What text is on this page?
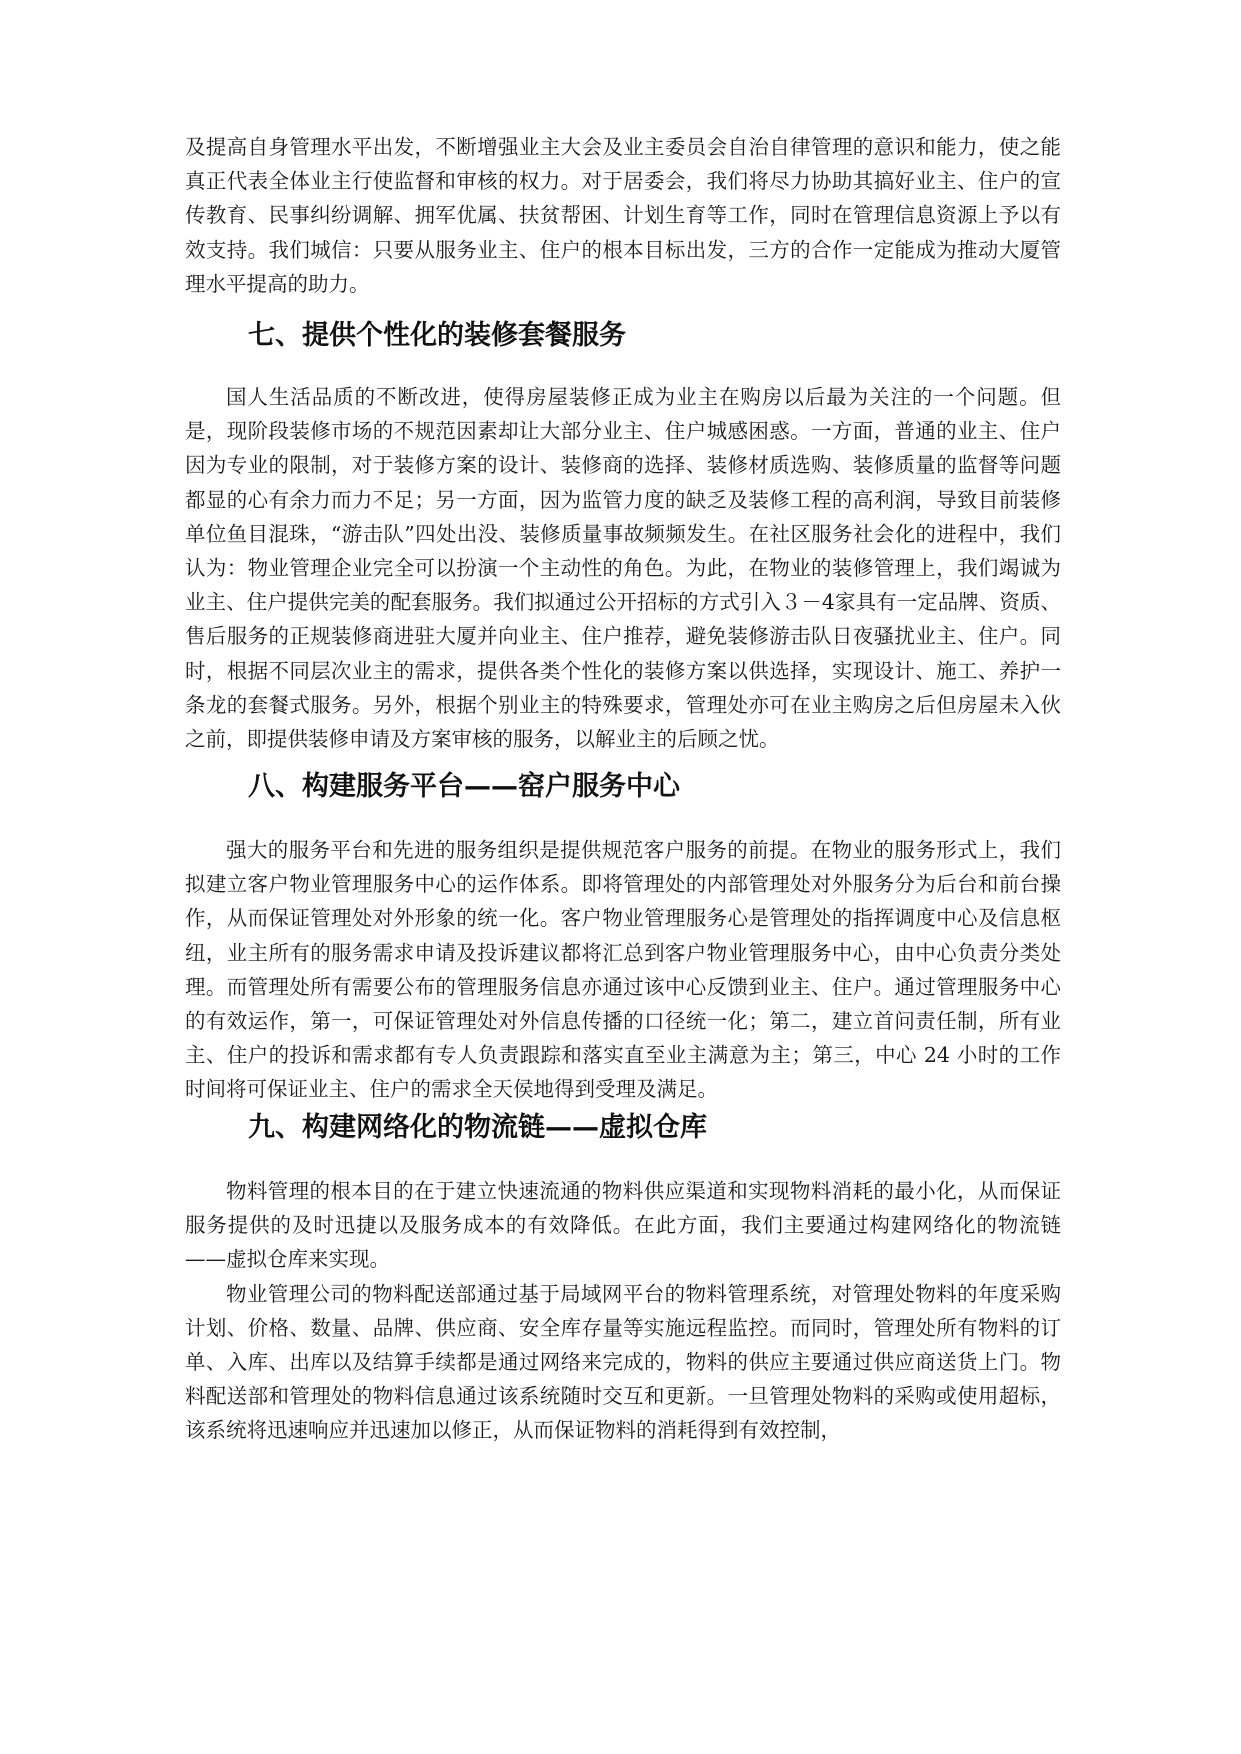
及提高自身管理水平出发，不断增强业主大会及业主委员会自治自律管理的意识和能力，使之能真正代表全体业主行使监督和审核的权力。对于居委会，我们将尽力协助其搞好业主、住户的宣传教育、民事纠纷调解、拥军优属、扶贫帮困、计划生育等工作，同时在管理信息资源上予以有效支持。我们城信：只要从服务业主、住户的根本目标出发，三方的合作一定能成为推动大厦管理水平提高的助力。

七、提供个性化的装修套餐服务

国人生活品质的不断改进，使得房屋装修正成为业主在购房以后最为关注的一个问题。但是，现阶段装修市场的不规范因素却让大部分业主、住户城感困惑。一方面，普通的业主、住户因为专业的限制，对于装修方案的设计、装修商的选择、装修材质选购、装修质量的监督等问题都显的心有余力而力不足；另一方面，因为监管力度的缺乏及装修工程的高利润，导致目前装修单位鱼目混珠，“游击队”四处出没、装修质量事故频频发生。在社区服务社会化的进程中，我们认为：物业管理企业完全可以扮演一个主动性的角色。为此，在物业的装修管理上，我们竭诚为业主、住户提供完美的配套服务。我们拟通过公开招标的方式引入３－4家具有一定品牌、资质、售后服务的正规装修商进驻大厦并向业主、住户推荐，避免装修游击队日夜骚扰业主、住户。同时，根据不同层次业主的需求，提供各类个性化的装修方案以供选择，实现设计、施工、养护一条龙的套餐式服务。另外，根据个别业主的特殊要求，管理处亦可在业主购房之后但房屋未入伙之前，即提供装修申请及方案审核的服务，以解业主的后顾之忧。

八、构建服务平台——窑户服务中心

强大的服务平台和先进的服务组织是提供规范客户服务的前提。在物业的服务形式上，我们拟建立客户物业管理服务中心的运作体系。即将管理处的内部管理处对外服务分为后台和前台操作，从而保证管理处对外形象的统一化。客户物业管理服务心是管理处的指挥调度中心及信息枢纽，业主所有的服务需求申请及投诉建议都将汇总到客户物业管理服务中心，由中心负责分类处理。而管理处所有需要公布的管理服务信息亦通过该中心反馈到业主、住户。通过管理服务中心的有效运作，第一，可保证管理处对外信息传播的口径统一化；第二，建立首问责任制，所有业主、住户的投诉和需求都有专人负责跟踪和落实直至业主满意为主；第三，中心 24 小时的工作时间将可保证业主、住户的需求全天侯地得到受理及满足。

九、构建网络化的物流链——虚拟仓库

物料管理的根本目的在于建立快速流通的物料供应渠道和实现物料消耗的最小化，从而保证服务提供的及时迅捷以及服务成本的有效降低。在此方面，我们主要通过构建网络化的物流链——虚拟仓库来实现。

物业管理公司的物料配送部通过基于局域网平台的物料管理系统，对管理处物料的年度采购计划、价格、数量、品牌、供应商、安全库存量等实施远程监控。而同时，管理处所有物料的订单、入库、出库以及结算手续都是通过网络来完成的，物料的供应主要通过供应商送货上门。物料配送部和管理处的物料信息通过该系统随时交互和更新。一旦管理处物料的采购或使用超标，该系统将迅速响应并迅速加以修正，从而保证物料的消耗得到有效控制，
